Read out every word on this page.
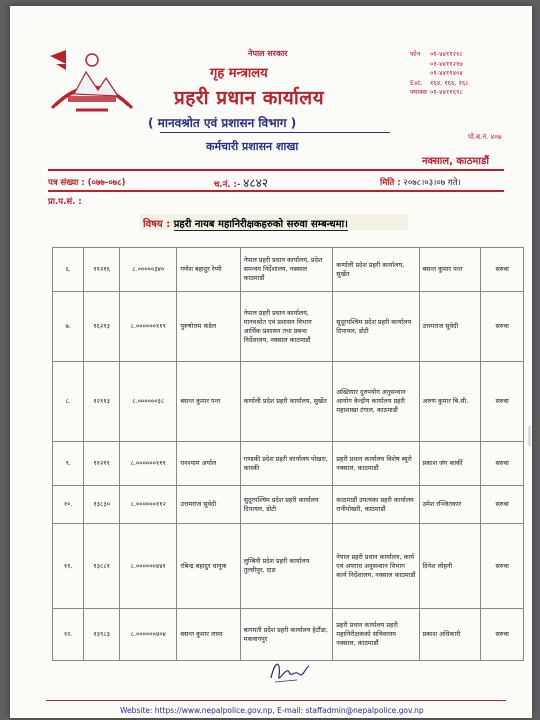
नेपाल सरकार
गृह मन्त्रालय
प्रहरी प्रधान कार्यालय
( मानवश्रोत एवं प्रशासन विभाग )
कर्मचारी प्रशासन शाखा
फोन ०१-४४११२१८
०१-४४११२१७
०१-४४११४०४
Ext. १६४, १६६, १६८
फ्याक्स ०१-४४११६९८
पो.ब.नं. ४०७
नक्साल, काठमाडौं
पत्र संख्या : (०७७-०७८)	च.नं. :- ४८४२	मिति : २०७८।०३।०७ गते।
प्रा.प.सं. :
विषय : प्रहरी नायब महानिरीक्षकहरुको सरुवा सम्बन्धमा।
६.	११२१६	८.०००००३४०	गणेश बहादुर रेग्मी	नेपाल प्रहरी प्रधान कार्यालय, प्रदेश समन्वय निर्देशालय, नक्साल काठमाडौं	कर्णाली प्रदेश प्रहरी कार्यालय, सुर्खेत	बसन्त कुमार पन्त	सरुवा
७.	१६२१३	८.००००००११९	पुरुषोत्तम कंडेल	नेपाल प्रहरी प्रधान कार्यालय, मानवश्रोत एवं प्रशासन विभाग आर्थिक प्रशासन तथा प्रबन्ध निर्देशालय, नक्साल काठमाडौं	सुदूरपश्चिम प्रदेश प्रहरी कार्यालय दिपायल, डोटी	उत्तमराज सुवेदी	सरुवा
८.	१२११३	८.००००००३८	बसन्त कुमार पन्त	कर्णाली प्रदेश प्रहरी कार्यालय, सुर्खेत	अख्तियार दुरुपयोग अनुसन्धान आयोग केन्द्रीय कार्यालय प्रहरी महाशाखा टंगाल, काठमाडौं	अरुण कुमार बि.सी.	सरुवा
९.	११२११	८.००००००११९	घनश्याम अर्याल	गण्डकी प्रदेश प्रहरी कार्यालय पोखरा, कास्की	प्रहरी प्रधान कार्यालय विशेष ब्यूरो नक्साल, काठमाडौं	प्रकाश जंग कार्की	सरुवा
१०.	१३८३०	८.००००००११२	उत्तमराज सुवेदी	सुदूरपश्चिम प्रदेश प्रहरी कार्यालय दिपायल, डोटी	काठमाडौं उपत्यका प्रहरी कार्यालय रानीपोखरी, काठमाडौं	उमेश रञ्जितकार	सरुवा
११.	१३८८१	८.००००००४४१	रबिन्द्र बहादुर धानुक	लुम्बिनी प्रदेश प्रहरी कार्यालय तुल्सीपुर, दाङ	नेपाल प्रहरी प्रधान कार्यालय, कार्य एवं अपराध अनुसन्धान विभाग कार्य निर्देशालय, नक्साल काठमाडौं	दिनेश लोहनी	सरुवा
१२.	१३९८३	८.००००००४०४	बसन्त कुमार लामा	बागमती प्रदेश प्रहरी कार्यालय हेटौंडा, मकवानपुर	प्रहरी प्रधान कार्यालय प्रहरी महानिरीक्षकको सचिवालय नक्साल, काठमाडौं	प्रकाश अधिकारी	सरुवा
Website: https://www.nepalpolice.gov.np, E-mail: staffadmin@nepalpolice.gov.np
